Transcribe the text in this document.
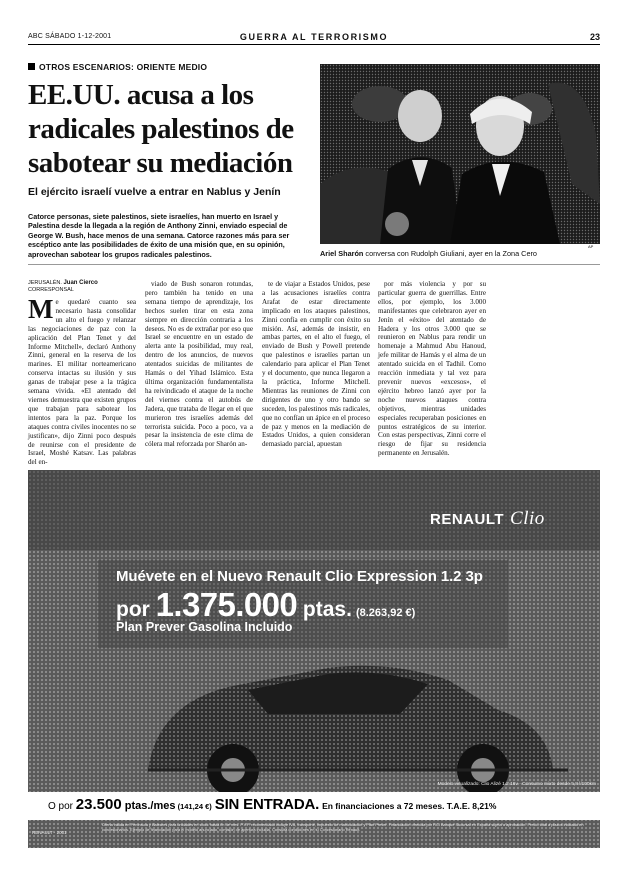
ABC SÁBADO 1-12-2001	GUERRA AL TERRORISMO	23
OTROS ESCENARIOS: ORIENTE MEDIO
EE.UU. acusa a los radicales palestinos de sabotear su mediación
El ejército israelí vuelve a entrar en Nablus y Jenín

Catorce personas, siete palestinos, siete israelíes, han muerto en Israel y Palestina desde la llegada a la región de Anthony Zinni, enviado especial de George W. Bush, hace menos de una semana. Catorce razones más para ser escéptico ante las posibilidades de éxito de una misión que, en su opinión, aprovechan sabotear los grupos radicales palestinos.

AP
Ariel Sharón conversa con Rudolph Giuliani, ayer en la Zona Cero
JERUSALÉN. Juan Cierco
CORRESPONSAL
M e quedaré cuanto sea necesario hasta consolidar un alto el fuego y relanzar las negociaciones de paz con la aplicación del Plan Tenet y del Informe Mitchell», declaró Anthony Zinni, general en la reserva de los marines. El militar norteamericano conserva intactas su ilusión y sus ganas de trabajar pese a la trágica semana vivida. «El atentado del viernes demuestra que existen grupos que trabajan para sabotear los intentos para la paz. Porque los ataques contra civiles inocentes no se justifican», dijo Zinni poco después de reunirse con el presidente de Israel, Moshé Katsav. Las palabras del en-

viado de Bush sonaron rotundas, pero también ha tenido en una semana tiempo de aprendizaje, los hechos suelen tirar en esta zona siempre en dirección contraria a los deseos. No es de extrañar por eso que Israel se encuentre en un estado de alerta ante la posibilidad, muy real, dentro de los anuncios, de nuevos atentados suicidas de militantes de Hamás o del Yihad Islámico. Esta última organización fundamentalista ha reivindicado el ataque de la noche del viernes contra el autobús de Jadera, que trataba de llegar en el que murieron tres israelíes además del terrorista suicida. Poco a poco, va a pesar la insistencia de este clima de cólera mal reforzada por Sharón an-

te de viajar a Estados Unidos, pese a las acusaciones israelíes contra Arafat de estar directamente implicado en los ataques palestinos, Zinni confía en cumplir con éxito su misión. Así, además de insistir, en ambas partes, en el alto el fuego, el enviado de Bush y Powell pretende que palestinos e israelíes partan un calendario para aplicar el Plan Tenet y el documento, que nunca llegaron a la práctica, Informe Mitchell. Mientras las reuniones de Zinni con dirigentes de uno y otro bando se suceden, los palestinos más radicales, que no confían un ápice en el proceso de paz y menos en la mediación de Estados Unidos, a quien consideran demasiado parcial, apuestan

por más violencia y por su particular guerra de guerrillas. Entre ellos, por ejemplo, los 3.000 manifestantes que celebraron ayer en Jenín el «éxito» del atentado de Hadera y los otros 3.000 que se reunieron en Nablus para rendir un homenaje a Mahmud Abu Hanoud, jefe militar de Hamás y el alma de un atentado suicida en el Tadhil. Como reacción inmediata y tal vez para prevenir nuevos «excesos», el ejército hebreo lanzó ayer por la noche nuevos ataques contra objetivos, mientras unidades especiales recuperaban posiciones en puntos estratégicos de su interior. Con estas perspectivas, Zinni corre el riesgo de fijar su residencia permanente en Jerusalén.

RENAULT Clio
Muévete en el Nuevo Renault Clio Expression 1.2 3p
por 1.375.000 ptas. (8.263,92 €)
Plan Prever Gasolina Incluido
Modelo visualizado: Clio Alizé 1.2 16v · Consumo mixto desde 5,8 l/100km
O por 23.500 ptas./mes (141,24 €) SIN ENTRADA. En financiaciones a 72 meses. T.A.E. 8,21%
RENAULT · 2001
Oferta válida en Península y Baleares para unidades en stock hasta fin de mes. P.V.P. recomendado incluye IVA, transporte, impuesto de matriculación y Plan Prever. Financiación ofrecida por RCI Banque Sucursal en España sujeta a aprobación. Precio total a plazos indicado en concesionarios. Ejemplo de financiación para el modelo anunciado, comisión de apertura incluida. Consulta condiciones en tu Concesionario Renault.
